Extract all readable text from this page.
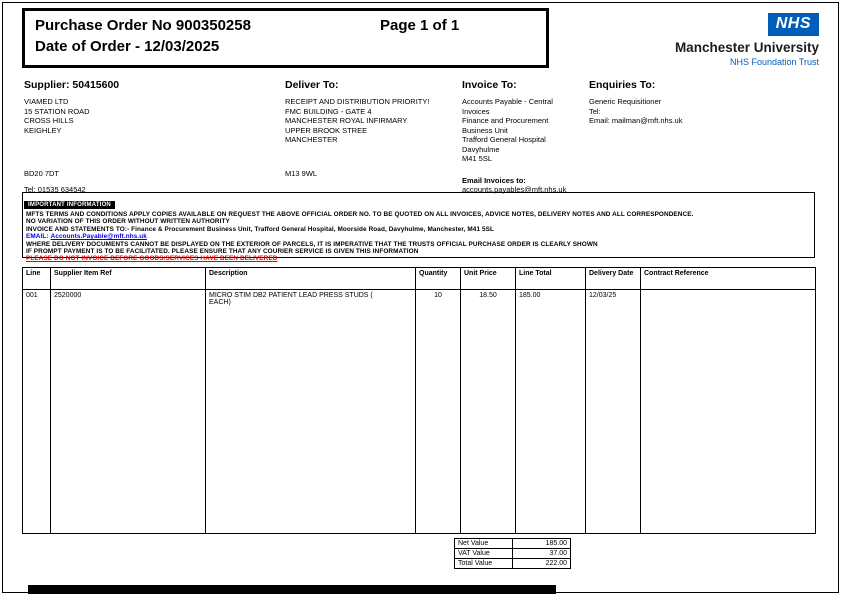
Purchase Order No 900350258	Page 1 of 1
Date of Order - 12/03/2025
NHS
Manchester University
NHS Foundation Trust
Supplier: 50415600
VIAMED LTD
15 STATION ROAD
CROSS HILLS
KEIGHLEY
BD20 7DT
Tel: 01535 634542
Deliver To:
RECEIPT AND DISTRIBUTION PRIORITY!
FMC BUILDING - GATE 4
MANCHESTER ROYAL INFIRMARY
UPPER BROOK STREE
MANCHESTER
M13 9WL
Invoice To:
Accounts Payable - Central
Invoices
Finance and Procurement
Business Unit
Trafford General Hospital
Davyhulme
M41 5SL
Email Invoices to:
accounts.payables@mft.nhs.uk
Enquiries To:
Generic Requisitioner
Tel:
Email: mailman@mft.nhs.uk
IMPORTANT INFORMATION
MFTS TERMS AND CONDITIONS APPLY COPIES AVAILABLE ON REQUEST THE ABOVE OFFICIAL ORDER NO. TO BE QUOTED ON ALL INVOICES, ADVICE NOTES, DELIVERY NOTES AND ALL CORRESPONDENCE.
NO VARIATION OF THIS ORDER WITHOUT WRITTEN AUTHORITY
INVOICE AND STATEMENTS TO:- Finance & Procurement Business Unit, Trafford General Hospital, Moorside Road, Davyhulme, Manchester, M41 5SL
EMAIL: Accounts.Payable@mft.nhs.uk
WHERE DELIVERY DOCUMENTS CANNOT BE DISPLAYED ON THE EXTERIOR OF PARCELS, IT IS IMPERATIVE THAT THE TRUSTS OFFICIAL PURCHASE ORDER IS CLEARLY SHOWN
IF PROMPT PAYMENT IS TO BE FACILITATED. PLEASE ENSURE THAT ANY COURIER SERVICE IS GIVEN THIS INFORMATION
PLEASE DO NOT INVOICE BEFORE GOODS/SERVICES HAVE BEEN DELIVERED
Line	Supplier Item Ref	Description	Quantity	Unit Price	Line Total	Delivery Date	Contract Reference
001	2520000	MICRO STIM DB2 PATIENT LEAD PRESS STUDS ( EACH)	10	18.50	185.00	12/03/25	
Net Value	185.00
VAT Value	37.00
Total Value	222.00
